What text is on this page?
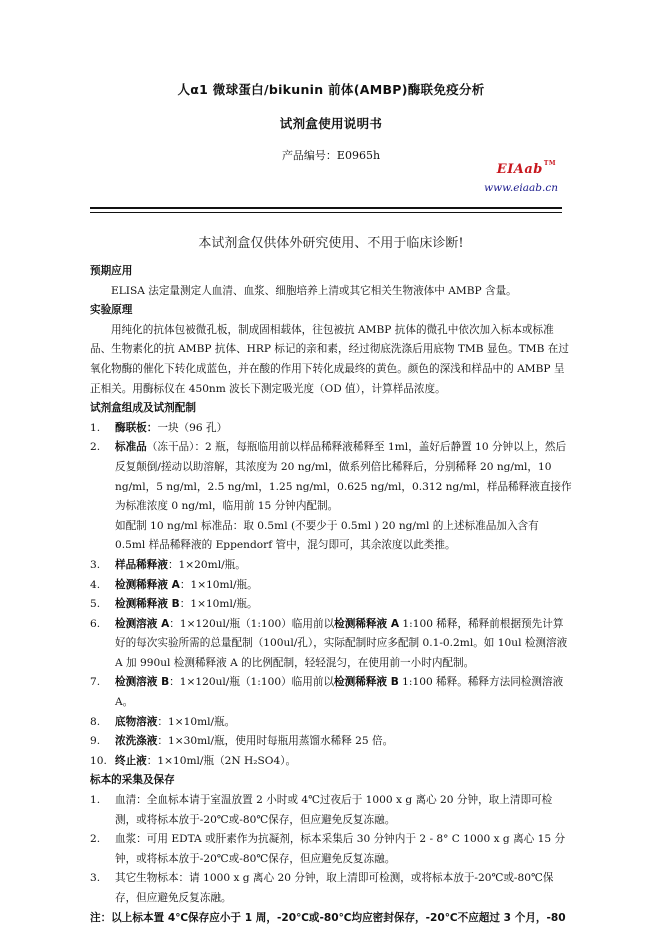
人α1 微球蛋白/bikunin 前体(AMBP)酶联免疫分析
试剂盒使用说明书
产品编号：E0965h
EIAab™
www.eiaab.cn
本试剂盒仅供体外研究使用、不用于临床诊断!

预期应用

ELISA 法定量测定人血清、血浆、细胞培养上清或其它相关生物液体中 AMBP 含量。

实验原理

用纯化的抗体包被微孔板，制成固相载体，往包被抗 AMBP 抗体的微孔中依次加入标本或标准品、生物素化的抗 AMBP 抗体、HRP 标记的亲和素，经过彻底洗涤后用底物 TMB 显色。TMB 在过氧化物酶的催化下转化成蓝色，并在酸的作用下转化成最终的黄色。颜色的深浅和样品中的 AMBP 呈正相关。用酶标仪在 450nm 波长下测定吸光度（OD 值），计算样品浓度。

试剂盒组成及试剂配制

1.	酶联板：一块（96 孔）
2.	标准品（冻干品）：2 瓶，每瓶临用前以样品稀释液稀释至 1ml，盖好后静置 10 分钟以上，然后反复颠倒/搓动以助溶解，其浓度为 20 ng/ml，做系列倍比稀释后，分别稀释 20 ng/ml，10 ng/ml，5 ng/ml，2.5 ng/ml，1.25 ng/ml，0.625 ng/ml，0.312 ng/ml，样品稀释液直接作为标准浓度 0 ng/ml，临用前 15 分钟内配制。

如配制 10 ng/ml 标准品：取 0.5ml (不要少于 0.5ml ) 20 ng/ml 的上述标准品加入含有 0.5ml 样品稀释液的 Eppendorf 管中，混匀即可，其余浓度以此类推。

3.	样品稀释液：1×20ml/瓶。
4.	检测稀释液 A：1×10ml/瓶。
5.	检测稀释液 B：1×10ml/瓶。
6.	检测溶液 A：1×120ul/瓶（1:100）临用前以检测稀释液 A 1:100 稀释，稀释前根据预先计算好的每次实验所需的总量配制（100ul/孔），实际配制时应多配制 0.1-0.2ml。如 10ul 检测溶液 A 加 990ul 检测稀释液 A 的比例配制，轻轻混匀，在使用前一小时内配制。
7.	检测溶液 B：1×120ul/瓶（1:100）临用前以检测稀释液 B 1:100 稀释。稀释方法同检测溶液 A。
8.	底物溶液：1×10ml/瓶。
9.	浓洗涤液：1×30ml/瓶，使用时每瓶用蒸馏水稀释 25 倍。
10. 终止液：1×10ml/瓶（2N H₂SO4）。

标本的采集及保存

1.	血清：全血标本请于室温放置 2 小时或 4℃过夜后于 1000 x g 离心 20 分钟，取上清即可检测，或将标本放于-20℃或-80℃保存，但应避免反复冻融。
2.	血浆：可用 EDTA 或肝素作为抗凝剂，标本采集后 30 分钟内于 2 - 8° C 1000 x g 离心 15 分钟，或将标本放于-20℃或-80℃保存，但应避免反复冻融。
3.	其它生物标本：请 1000 x g 离心 20 分钟，取上清即可检测，或将标本放于-20℃或-80℃保存，但应避免反复冻融。

注：以上标本置 4℃保存应小于 1 周，-20℃或-80℃均应密封保存，-20℃不应超过 3 个月，-80
